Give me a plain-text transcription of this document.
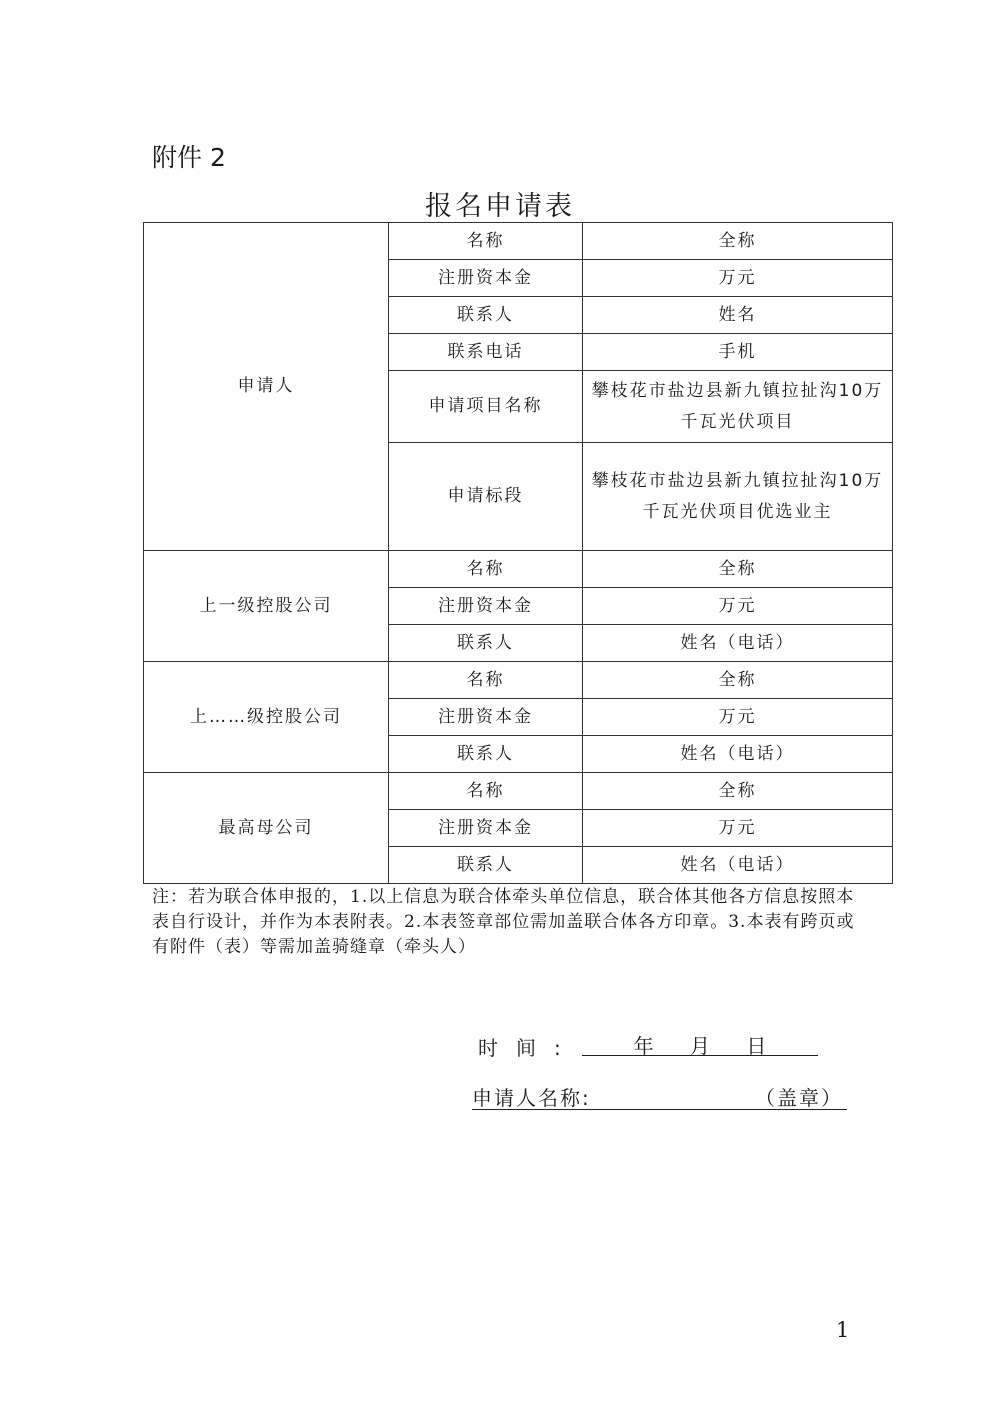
附件 2
报名申请表
申请人	名称	全称
	注册资本金	万元
	联系人	姓名
	联系电话	手机
	申请项目名称	攀枝花市盐边县新九镇拉扯沟10万千瓦光伏项目
	申请标段	攀枝花市盐边县新九镇拉扯沟10万千瓦光伏项目优选业主
上一级控股公司	名称	全称
	注册资本金	万元
	联系人	姓名（电话）
上……级控股公司	名称	全称
	注册资本金	万元
	联系人	姓名（电话）
最高母公司	名称	全称
	注册资本金	万元
	联系人	姓名（电话）
注：若为联合体申报的，1.以上信息为联合体牵头单位信息，联合体其他各方信息按照本表自行设计，并作为本表附表。2.本表签章部位需加盖联合体各方印章。3.本表有跨页或有附件（表）等需加盖骑缝章（牵头人）
时间:	年 月 日
申请人名称:	（盖章）
1
